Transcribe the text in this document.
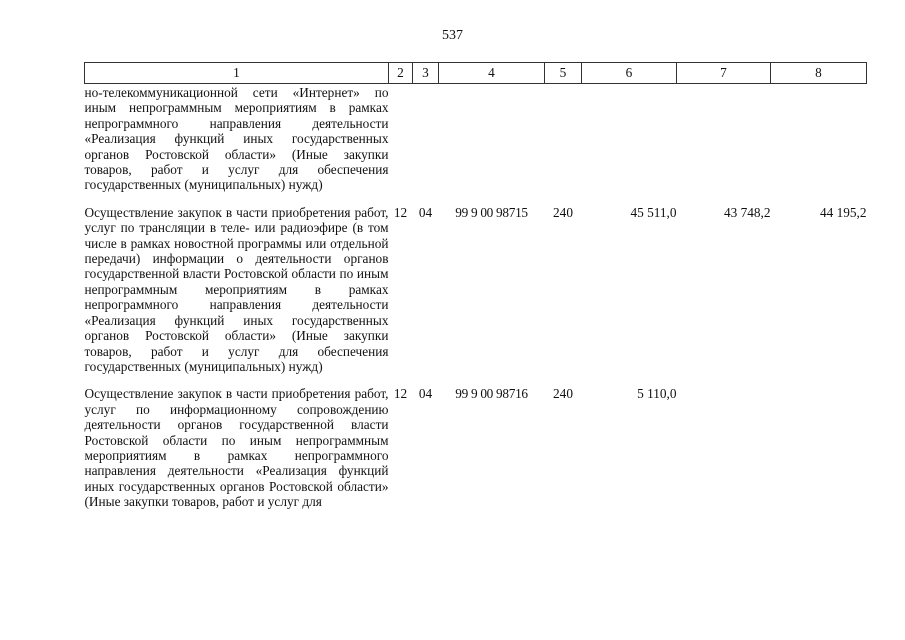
537
1	2	3	4	5	6	7	8
но-телекоммуникационной сети «Интернет» по иным непрограммным мероприятиям в рамках непрограммного направления деятельности «Реализация функций иных государственных органов Ростовской области» (Иные закупки товаров, работ и услуг для обеспечения государственных (муниципальных) нужд)							
Осуществление закупок в части приобретения работ, услуг по трансляции в теле- или радиоэфире (в том числе в рамках новостной программы или отдельной передачи) информации о деятельности органов государственной власти Ростовской области по иным непрограммным мероприятиям в рамках непрограммного направления деятельности «Реализация функций иных государственных органов Ростовской области» (Иные закупки товаров, работ и услуг для обеспечения государственных (муниципальных) нужд)	12	04	99 9 00 98715	240	45 511,0	43 748,2	44 195,2
Осуществление закупок в части приобретения работ, услуг по информационному сопровождению деятельности органов государственной власти Ростовской области по иным непрограммным мероприятиям в рамках непрограммного направления деятельности «Реализация функций иных государственных органов Ростовской области» (Иные закупки товаров, работ и услуг для	12	04	99 9 00 98716	240	5 110,0		
